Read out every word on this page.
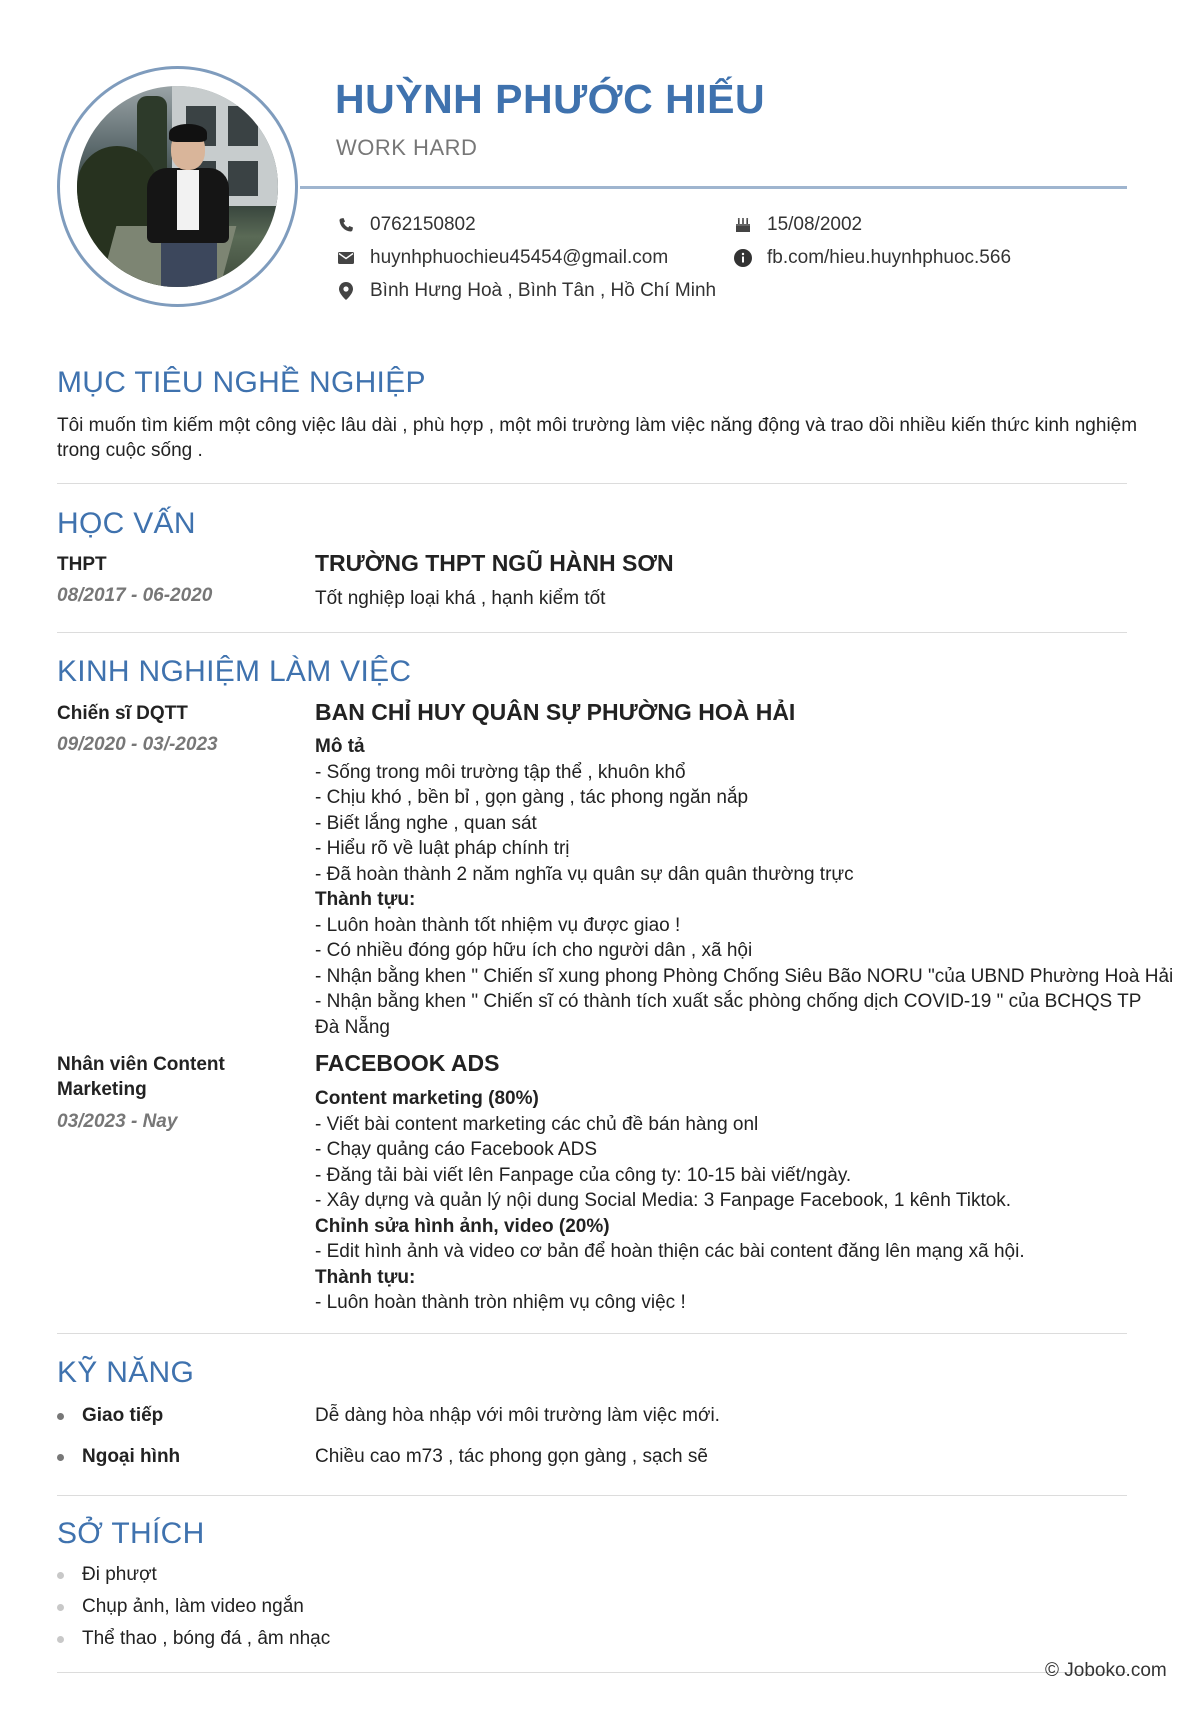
HUỲNH PHƯỚC HIẾU
WORK HARD
0762150802
huynhphuochieu45454@gmail.com
Bình Hưng Hoà , Bình Tân , Hồ Chí Minh
15/08/2002
fb.com/hieu.huynhphuoc.566
MỤC TIÊU NGHỀ NGHIỆP
Tôi muốn tìm kiếm một công việc lâu dài , phù hợp , một môi trường làm việc năng động và trao dồi nhiều kiến thức kinh nghiệm
trong cuộc sống .
HỌC VẤN
THPT
08/2017 - 06-2020
TRƯỜNG THPT NGŨ HÀNH SƠN
Tốt nghiệp loại khá , hạnh kiểm tốt
KINH NGHIỆM LÀM VIỆC
Chiến sĩ DQTT
09/2020 - 03/-2023
BAN CHỈ HUY QUÂN SỰ PHƯỜNG HOÀ HẢI
Mô tả
- Sống trong môi trường tập thể , khuôn khổ
- Chịu khó , bền bỉ , gọn gàng , tác phong ngăn nắp
- Biết lắng nghe , quan sát
- Hiểu rõ về luật pháp chính trị
- Đã hoàn thành 2 năm nghĩa vụ quân sự dân quân thường trực
Thành tựu:
- Luôn hoàn thành tốt nhiệm vụ được giao !
- Có nhiều đóng góp hữu ích cho người dân , xã hội
- Nhận bằng khen " Chiến sĩ xung phong Phòng Chống Siêu Bão NORU "của UBND Phường Hoà Hải
- Nhận bằng khen " Chiến sĩ có thành tích xuất sắc phòng chống dịch COVID-19 " của BCHQS TP
Đà Nẵng
Nhân viên Content
Marketing
03/2023 - Nay
FACEBOOK ADS
Content marketing (80%)
- Viết bài content marketing các chủ đề bán hàng onl
- Chạy quảng cáo Facebook ADS
- Đăng tải bài viết lên Fanpage của công ty: 10-15 bài viết/ngày.
- Xây dựng và quản lý nội dung Social Media: 3 Fanpage Facebook, 1 kênh Tiktok.
Chỉnh sửa hình ảnh, video (20%)
- Edit hình ảnh và video cơ bản để hoàn thiện các bài content đăng lên mạng xã hội.
Thành tựu:
- Luôn hoàn thành tròn nhiệm vụ công việc !
KỸ NĂNG
Giao tiếp	Dễ dàng hòa nhập với môi trường làm việc mới.
Ngoại hình	Chiều cao m73 , tác phong gọn gàng , sạch sẽ
SỞ THÍCH
Đi phượt
Chụp ảnh, làm video ngắn
Thể thao , bóng đá , âm nhạc
© Joboko.com
